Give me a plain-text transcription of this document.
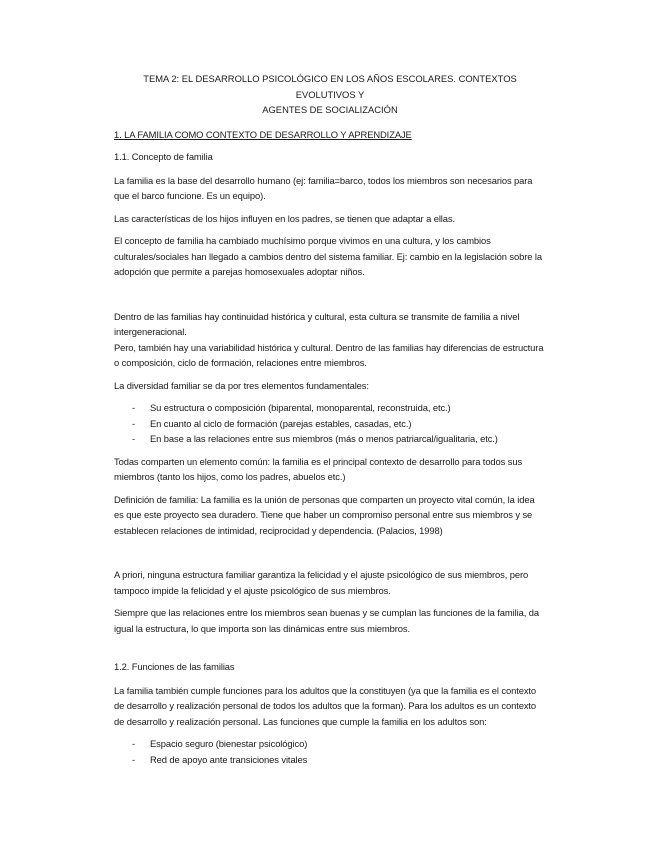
TEMA 2: EL DESARROLLO PSICOLÓGICO EN LOS AÑOS ESCOLARES. CONTEXTOS EVOLUTIVOS Y
AGENTES DE SOCIALIZACIÓN
1. LA FAMILIA COMO CONTEXTO DE DESARROLLO Y APRENDIZAJE
1.1. Concepto de familia

La familia es la base del desarrollo humano (ej: familia=barco, todos los miembros son necesarios para que el barco funcione. Es un equipo).

Las características de los hijos influyen en los padres, se tienen que adaptar a ellas.

El concepto de familia ha cambiado muchísimo porque vivimos en una cultura, y los cambios culturales/sociales han llegado a cambios dentro del sistema familiar. Ej: cambio en la legislación sobre la adopción que permite a parejas homosexuales adoptar niños.

Dentro de las familias hay continuidad histórica y cultural, esta cultura se transmite de familia a nivel intergeneracional.

Pero, también hay una variabilidad histórica y cultural. Dentro de las familias hay diferencias de estructura o composición, ciclo de formación, relaciones entre miembros.

La diversidad familiar se da por tres elementos fundamentales:

- Su estructura o composición (biparental, monoparental, reconstruida, etc.)
- En cuanto al ciclo de formación (parejas estables, casadas, etc.)
- En base a las relaciones entre sus miembros (más o menos patriarcal/igualitaria, etc.)

Todas comparten un elemento común: la familia es el principal contexto de desarrollo para todos sus miembros (tanto los hijos, como los padres, abuelos etc.)

Definición de familia: La familia es la unión de personas que comparten un proyecto vital común, la idea es que este proyecto sea duradero. Tiene que haber un compromiso personal entre sus miembros y se establecen relaciones de intimidad, reciprocidad y dependencia. (Palacios, 1998)

A priori, ninguna estructura familiar garantiza la felicidad y el ajuste psicológico de sus miembros, pero tampoco impide la felicidad y el ajuste psicológico de sus miembros.

Siempre que las relaciones entre los miembros sean buenas y se cumplan las funciones de la familia, da igual la estructura, lo que importa son las dinámicas entre sus miembros.

1.2. Funciones de las familias

La familia también cumple funciones para los adultos que la constituyen (ya que la familia es el contexto de desarrollo y realización personal de todos los adultos que la forman). Para los adultos es un contexto de desarrollo y realización personal. Las funciones que cumple la familia en los adultos son:

- Espacio seguro (bienestar psicológico)
- Red de apoyo ante transiciones vitales
